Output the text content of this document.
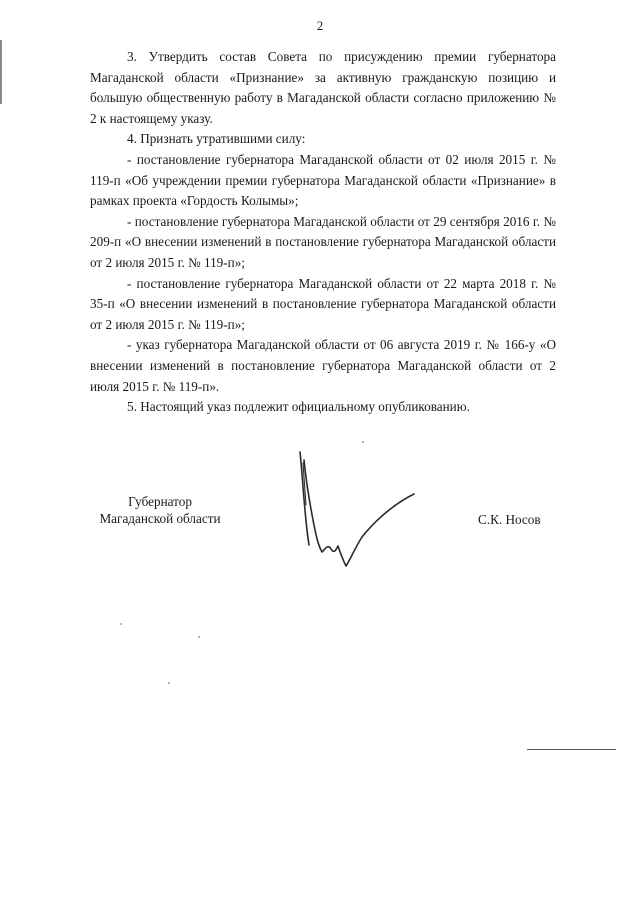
2

3. Утвердить состав Совета по присуждению премии губернатора Магаданской области «Признание» за активную гражданскую позицию и большую общественную работу в Магаданской области согласно приложению № 2 к настоящему указу.

4. Признать утратившими силу:

- постановление губернатора Магаданской области от 02 июля 2015 г. № 119-п «Об учреждении премии губернатора Магаданской области «Признание» в рамках проекта «Гордость Колымы»;

- постановление губернатора Магаданской области от 29 сентября 2016 г. № 209-п «О внесении изменений в постановление губернатора Магаданской области от 2 июля 2015 г. № 119-п»;

- постановление губернатора Магаданской области от 22 марта 2018 г. № 35-п «О внесении изменений в постановление губернатора Магаданской области от 2 июля 2015 г. № 119-п»;

- указ губернатора Магаданской области от 06 августа 2019 г. № 166-у «О внесении изменений в постановление губернатора Магаданской области от 2 июля 2015 г. № 119-п».

5. Настоящий указ подлежит официальному опубликованию.

Губернатор
Магаданской области	С.К. Носов
